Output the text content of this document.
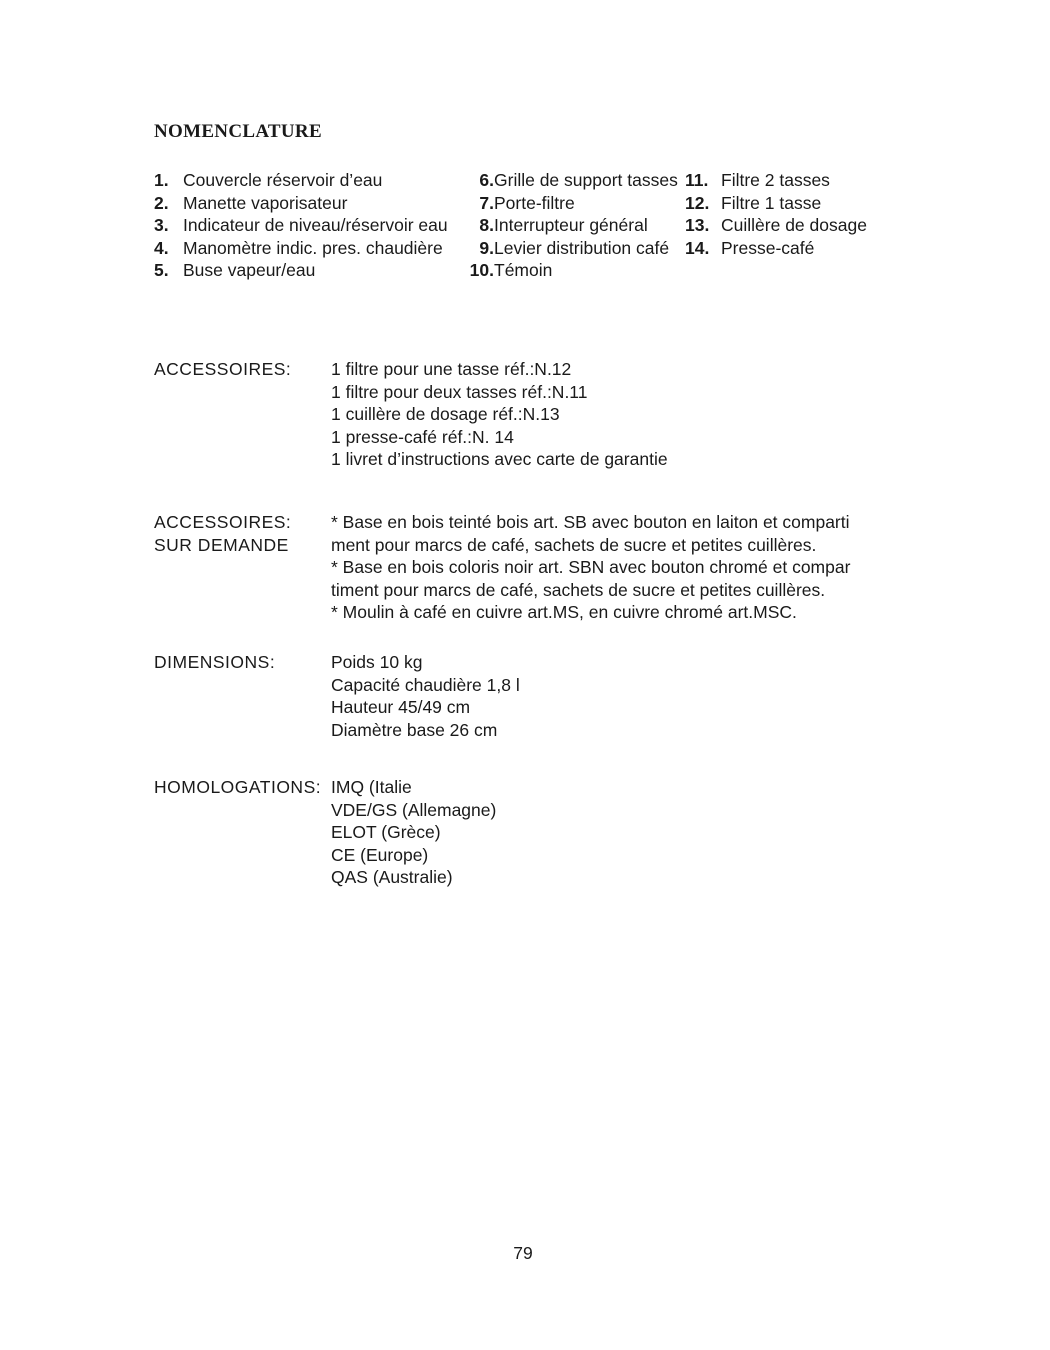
NOMENCLATURE
1. Couvercle réservoir d’eau
2. Manette vaporisateur
3. Indicateur de niveau/réservoir eau
4. Manomètre indic. pres. chaudière
5. Buse vapeur/eau
6. Grille de support tasses
7. Porte-filtre
8. Interrupteur général
9. Levier distribution café
10. Témoin
11. Filtre 2 tasses
12. Filtre 1 tasse
13. Cuillère de dosage
14. Presse-café
ACCESSOIRES:	1 filtre pour une tasse réf.:N.12
1 filtre pour deux tasses réf.:N.11
1 cuillère de dosage réf.:N.13
1 presse-café réf.:N. 14
1 livret d’instructions avec carte de garantie
ACCESSOIRES:
SUR DEMANDE
* Base en bois teinté bois art. SB avec bouton en laiton et comparti
ment pour marcs de café, sachets de sucre et petites cuillères.
* Base en bois coloris noir art. SBN avec bouton chromé et compar
timent pour marcs de café, sachets de sucre et petites cuillères.
* Moulin à café en cuivre art.MS, en cuivre chromé art.MSC.
DIMENSIONS:	Poids 10 kg
Capacité chaudière 1,8 l
Hauteur 45/49 cm
Diamètre base 26 cm
HOMOLOGATIONS: IMQ (Italie
VDE/GS (Allemagne)
ELOT (Grèce)
CE (Europe)
QAS (Australie)
79
